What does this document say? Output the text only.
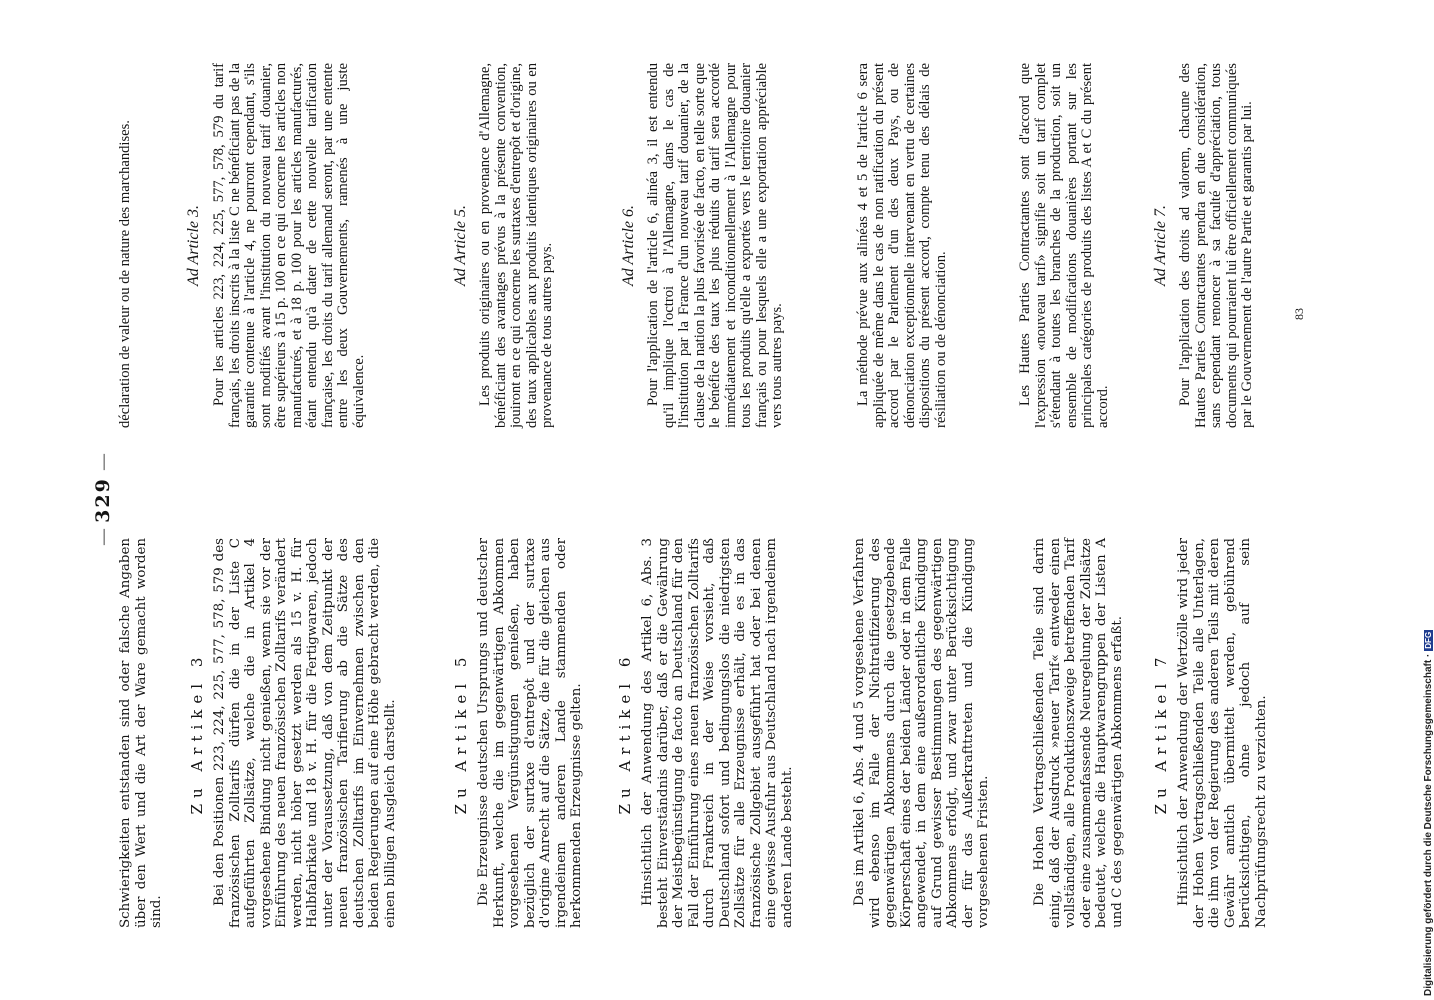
—
329
—

Schwierigkeiten entstanden sind oder falsche Angaben über den Wert und die Art der Ware gemacht worden sind.

Zu Artikel 3 Bei den Positionen 223, 224, 225, 577, 578, 579 des französischen Zolltarifs dürfen die in der Liste C aufgeführten Zollsätze, welche die in Artikel 4 vorgesehene Bindung nicht genießen, wenn sie vor der Einführung des neuen französischen Zolltarifs verändert werden, nicht höher gesetzt werden als 15 v. H. für Halbfabrikate und 18 v. H. für die Fertigwaren, jedoch unter der Voraussetzung, daß von dem Zeitpunkt der neuen französischen Tarifierung ab die Sätze des deutschen Zolltarifs im Einvernehmen zwischen den beiden Regierungen auf eine Höhe gebracht werden, die einen billigen Ausgleich darstellt.	Zu Artikel 5 Die Erzeugnisse deutschen Ursprungs und deutscher Herkunft, welche die im gegenwärtigen Abkommen vorgesehenen Vergünstigungen genießen, haben bezüglich der surtaxe d'entrepôt und der surtaxe d'origine Anrecht auf die Sätze, die für die gleichen aus irgendeinem anderen Lande stammenden oder herkommenden Erzeugnisse gelten. Zu Artikel 6 Hinsichtlich der Anwendung des Artikel 6, Abs. 3 besteht Einverständnis darüber, daß er die Gewährung der Meistbegünstigung de facto an Deutschland für den Fall der Einführung eines neuen französischen Zolltarifs durch Frankreich in der Weise vorsieht, daß Deutschland sofort und bedingungslos die niedrigsten Zollsätze für alle Erzeugnisse erhält, die es in das französische Zollgebiet ausgeführt hat oder bei denen eine gewisse Ausfuhr aus Deutschland nach irgendeinem anderen Lande besteht.	Das im Artikel 6, Abs. 4 und 5 vorgesehene Verfahren wird ebenso im Falle der Nichtratifizierung des gegenwärtigen Abkommens durch die gesetzgebende Körperschaft eines der beiden Länder oder in dem Falle angewendet, in dem eine außerordentliche Kündigung auf Grund gewisser Bestimmungen des gegenwärtigen Abkommens erfolgt, und zwar unter Berücksichtigung der für das Außerkrafttreten und die Kündigung vorgesehenen Fristen.	Die Hohen Vertragschließenden Teile sind darin einig, daß der Ausdruck »neuer Tarif« entweder einen vollständigen, alle Produktionszweige betreffenden Tarif oder eine zusammenfassende Neuregelung der Zollsätze bedeutet, welche die Hauptwarengruppen der Listen A und C des gegenwärtigen Abkommens erfaßt. Zu Artikel 7 Hinsichtlich der Anwendung der Wertzölle wird jeder der Hohen Vertragschließenden Teile alle Unterlagen, die ihm von der Regierung des anderen Teils mit deren Gewähr amtlich übermittelt werden, gebührend berücksichtigen, ohne jedoch auf sein Nachprüfungsrecht zu verzichten.

déclaration de valeur ou de nature des marchandises.	Ad Article 3. Pour les articles 223, 224, 225, 577, 578, 579 du tarif français, les droits inscrits à la liste C ne bénéficiant pas de la garantie contenue à l'article 4, ne pourront cependant, s'ils sont modifiés avant l'institution du nouveau tarif douanier, être supérieurs à 15 p. 100 en ce qui concerne les articles non manufacturés, et à 18 p. 100 pour les articles manufacturés, étant entendu qu'à dater de cette nouvelle tarification française, les droits du tarif allemand seront, par une entente entre les deux Gouvernements, ramenés à une juste équivalence.

Ad Article 5. Les produits originaires ou en provenance d'Allemagne, bénéficiant des avantages prévus à la présente convention, jouiront en ce qui concerne les surtaxes d'entrepôt et d'origine, des taux applicables aux produits identiques originaires ou en provenance de tous autres pays.	Ad Article 6. Pour l'application de l'article 6, alinéa 3, il est entendu qu'il implique l'octroi à l'Allemagne, dans le cas de l'institution par la France d'un nouveau tarif douanier, de la clause de la nation la plus favorisée de facto, en telle sorte que le bénéfice des taux les plus réduits du tarif sera accordé immédiatement et inconditionnellement à l'Allemagne pour tous les produits qu'elle a exportés vers le territoire douanier français ou pour lesquels elle a une exportation appréciable vers tous autres pays.	La méthode prévue aux alinéas 4 et 5 de l'article 6 sera appliquée de même dans le cas de non ratification du présent accord par le Parlement d'un des deux Pays, ou de dénonciation exceptionnelle intervenant en vertu de certaines dispositions du présent accord, compte tenu des délais de résiliation ou de dénonciation.	Les Hautes Parties Contractantes sont d'accord que l'expression «nouveau tarif» signifie soit un tarif complet s'étendant à toutes les branches de la production, soit un ensemble de modifications douanières portant sur les principales catégories de produits des listes A et C du présent accord.

Ad Article 7. Pour l'application des droits ad valorem, chacune des Hautes Parties Contractantes prendra en due considération, sans cependant renoncer à sa faculté d'appréciation, tous documents qui pourraient lui être officiellement communiqués par le Gouvernement de l'autre Partie et garantis par lui.	83
Digitalisierung gefördert durch die Deutsche Forschungsgemeinschaft ·
DFG
